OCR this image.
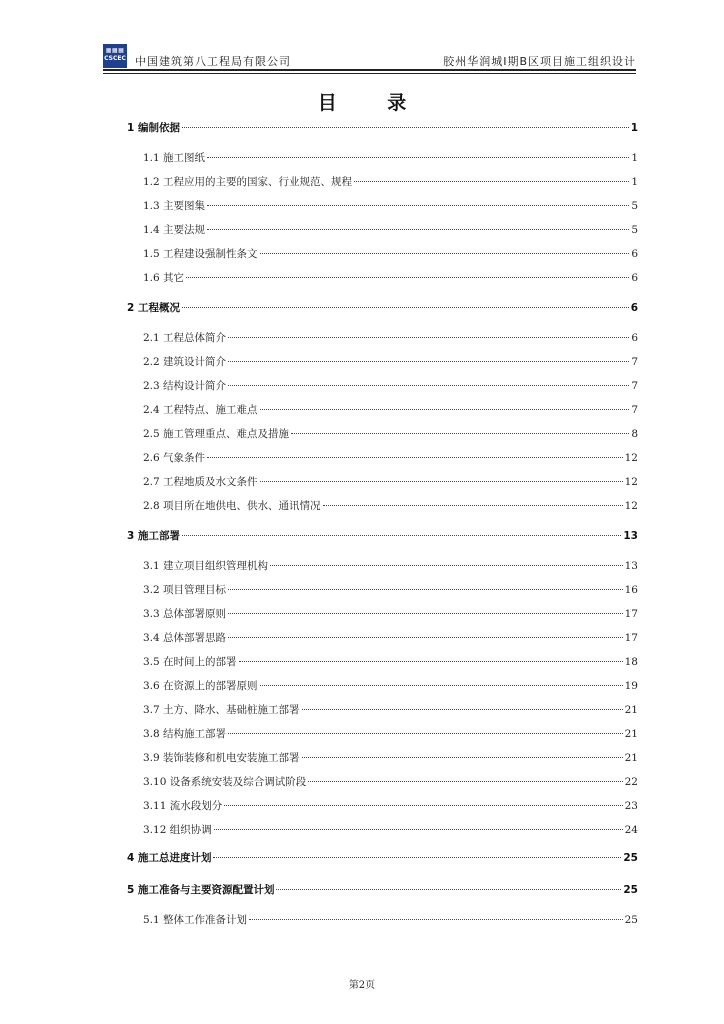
▦▦▦
CSCEC 中国建筑第八工程局有限公司	胶州华润城Ⅰ期B区项目施工组织设计
目 录
1 编制依据	1
1.1 施工图纸	1
1.2 工程应用的主要的国家、行业规范、规程	1
1.3 主要图集	5
1.4 主要法规	5
1.5 工程建设强制性条文	6
1.6 其它	6
2 工程概况	6
2.1 工程总体简介	6
2.2 建筑设计简介	7
2.3 结构设计简介	7
2.4 工程特点、施工难点	7
2.5 施工管理重点、难点及措施	8
2.6 气象条件	12
2.7 工程地质及水文条件	12
2.8 项目所在地供电、供水、通讯情况	12
3 施工部署	13
3.1 建立项目组织管理机构	13
3.2 项目管理目标	16
3.3 总体部署原则	17
3.4 总体部署思路	17
3.5 在时间上的部署	18
3.6 在资源上的部署原则	19
3.7 土方、降水、基础桩施工部署	21
3.8 结构施工部署	21
3.9 装饰装修和机电安装施工部署	21
3.10 设备系统安装及综合调试阶段	22
3.11 流水段划分	23
3.12 组织协调	24
4 施工总进度计划	25
5 施工准备与主要资源配置计划	25
5.1 整体工作准备计划	25
第2页
